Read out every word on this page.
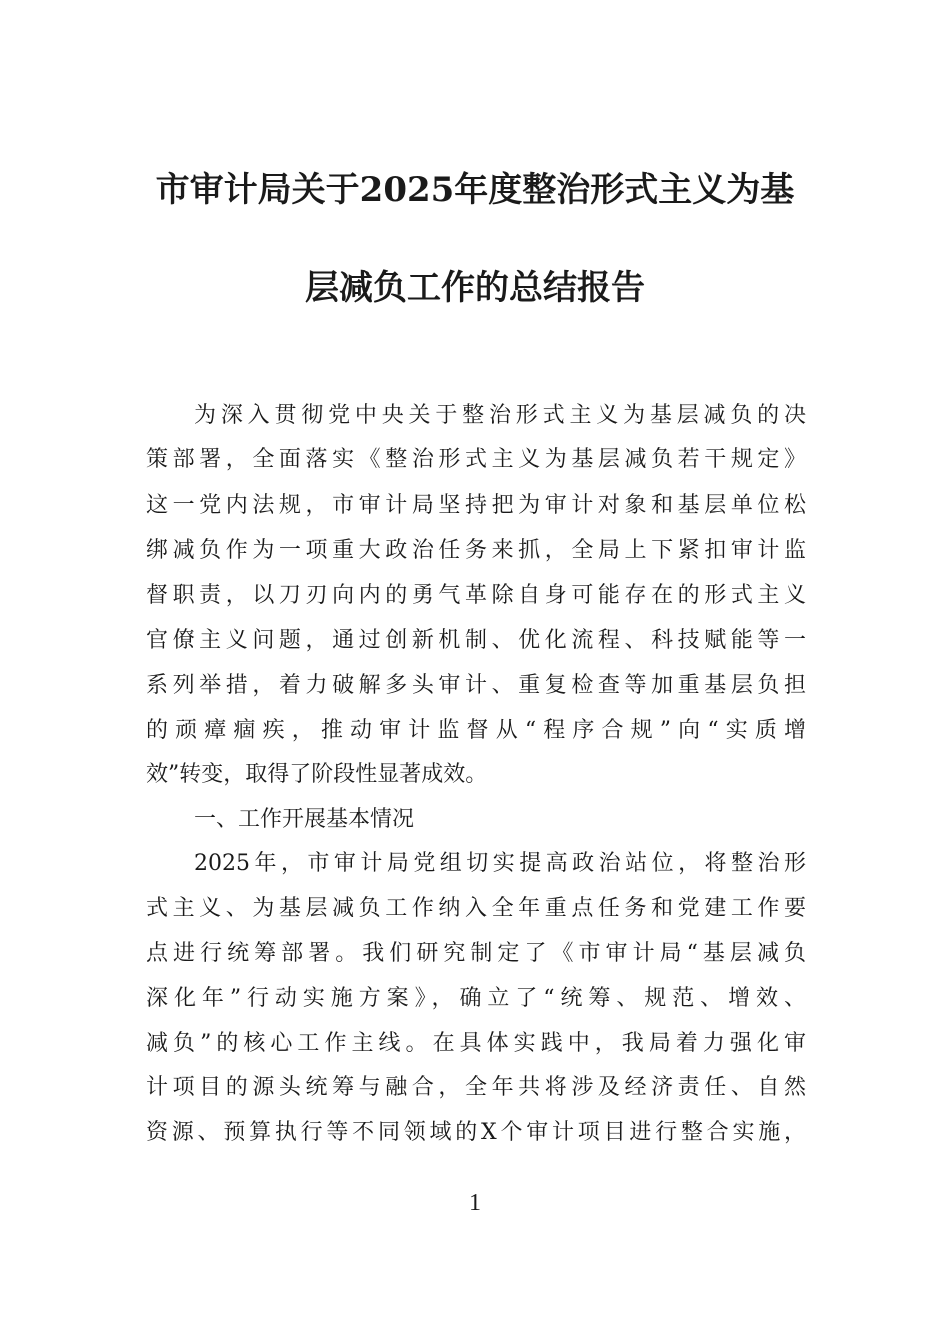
市审计局关于2025年度整治形式主义为基
层减负工作的总结报告
为深入贯彻党中央关于整治形式主义为基层减负的决
策部署，全面落实《整治形式主义为基层减负若干规定》
这一党内法规，市审计局坚持把为审计对象和基层单位松
绑减负作为一项重大政治任务来抓，全局上下紧扣审计监
督职责，以刀刃向内的勇气革除自身可能存在的形式主义
官僚主义问题，通过创新机制、优化流程、科技赋能等一
系列举措，着力破解多头审计、重复检查等加重基层负担
的顽瘴痼疾，推动审计监督从“程序合规”向“实质增
效”转变，取得了阶段性显著成效。
一、工作开展基本情况
2025年，市审计局党组切实提高政治站位，将整治形
式主义、为基层减负工作纳入全年重点任务和党建工作要
点进行统筹部署。我们研究制定了《市审计局“基层减负
深化年”行动实施方案》，确立了“统筹、规范、增效、
减负”的核心工作主线。在具体实践中，我局着力强化审
计项目的源头统筹与融合，全年共将涉及经济责任、自然
资源、预算执行等不同领域的X个审计项目进行整合实施，
1
